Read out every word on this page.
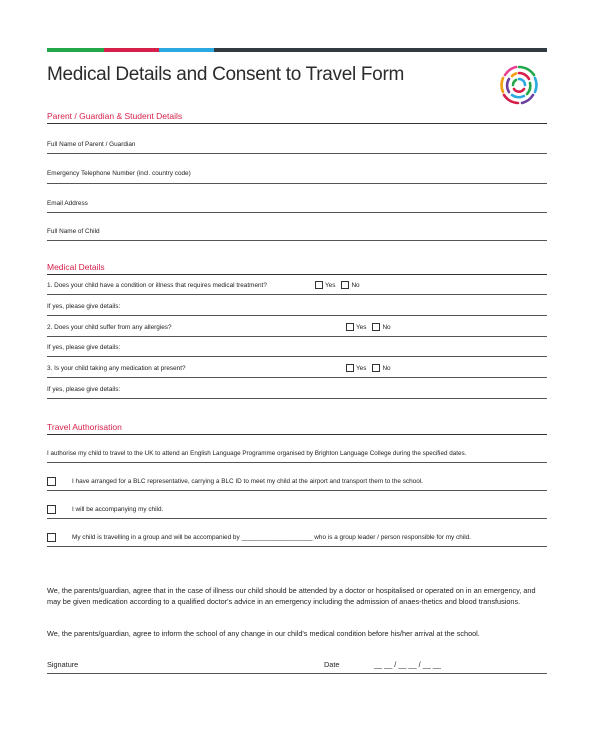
Medical Details and Consent to Travel Form
Parent / Guardian & Student Details
Full Name of Parent / Guardian
Emergency Telephone Number (incl. country code)
Email Address
Full Name of Child
Medical Details
1. Does your child have a condition or illness that requires medical treatment?	Yes	No
If yes, please give details:
2. Does your child suffer from any allergies?	Yes	No
If yes, please give details:
3. Is your child taking any medication at present?	Yes	No
If yes, please give details:
Travel Authorisation
I authorise my child to travel to the UK to attend an English Language Programme organised by Brighton Language College during the specified dates.
I have arranged for a BLC representative, carrying a BLC ID to meet my child at the airport and transport them to the school.
I will be accompanying my child.
My child is travelling in a group and will be accompanied by ____________________ who is a group leader / person responsible for my child.
We, the parents/guardian, agree that in the case of illness our child should be attended by a doctor or hospitalised or operated on in an emergency, and may be given medication according to a qualified doctor's advice in an emergency including the admission of anaes-thetics and blood transfusions.
We, the parents/guardian, agree to inform the school of any change in our child's medical condition before his/her arrival at the school.
Signature	Date	__ __ / __ __ / __ __
